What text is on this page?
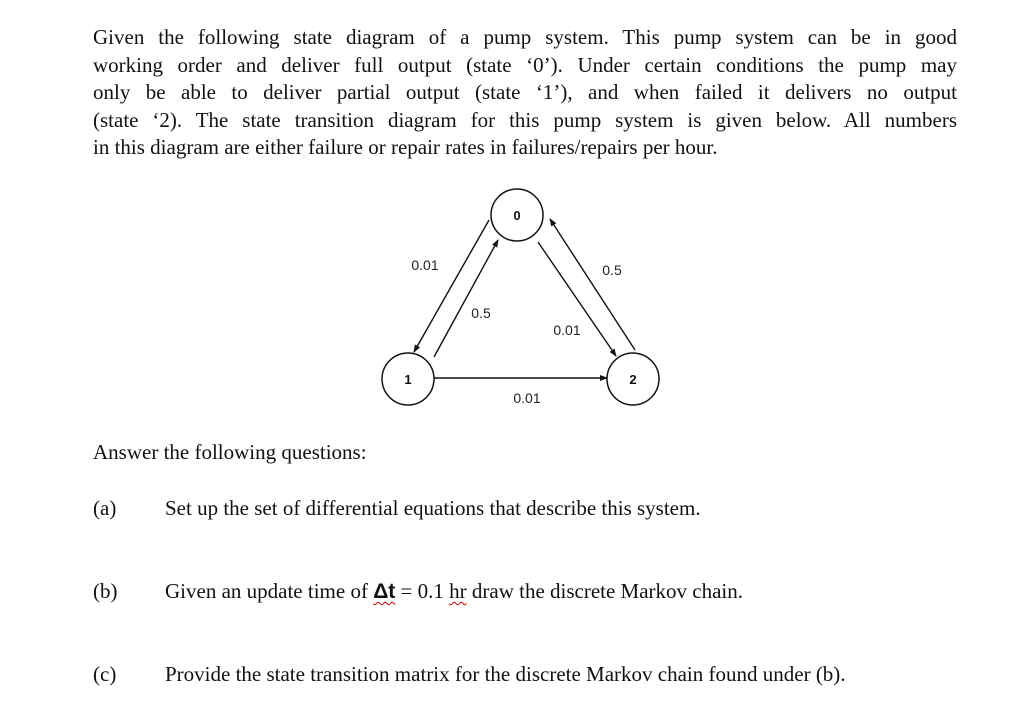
Given the following state diagram of a pump system. This pump system can be in good
working order and deliver full output (state ‘0’). Under certain conditions the pump may
only be able to deliver partial output (state ‘1’), and when failed it delivers no output
(state ‘2). The state transition diagram for this pump system is given below. All numbers
in this diagram are either failure or repair rates in failures/repairs per hour.
0
1	2
0.01
0.5
0.5
0.01
0.01
Answer the following questions:
(a) Set up the set of differential equations that describe this system.
(b) Given an update time of Δt = 0.1 hr draw the discrete Markov chain.
(c) Provide the state transition matrix for the discrete Markov chain found under (b).
